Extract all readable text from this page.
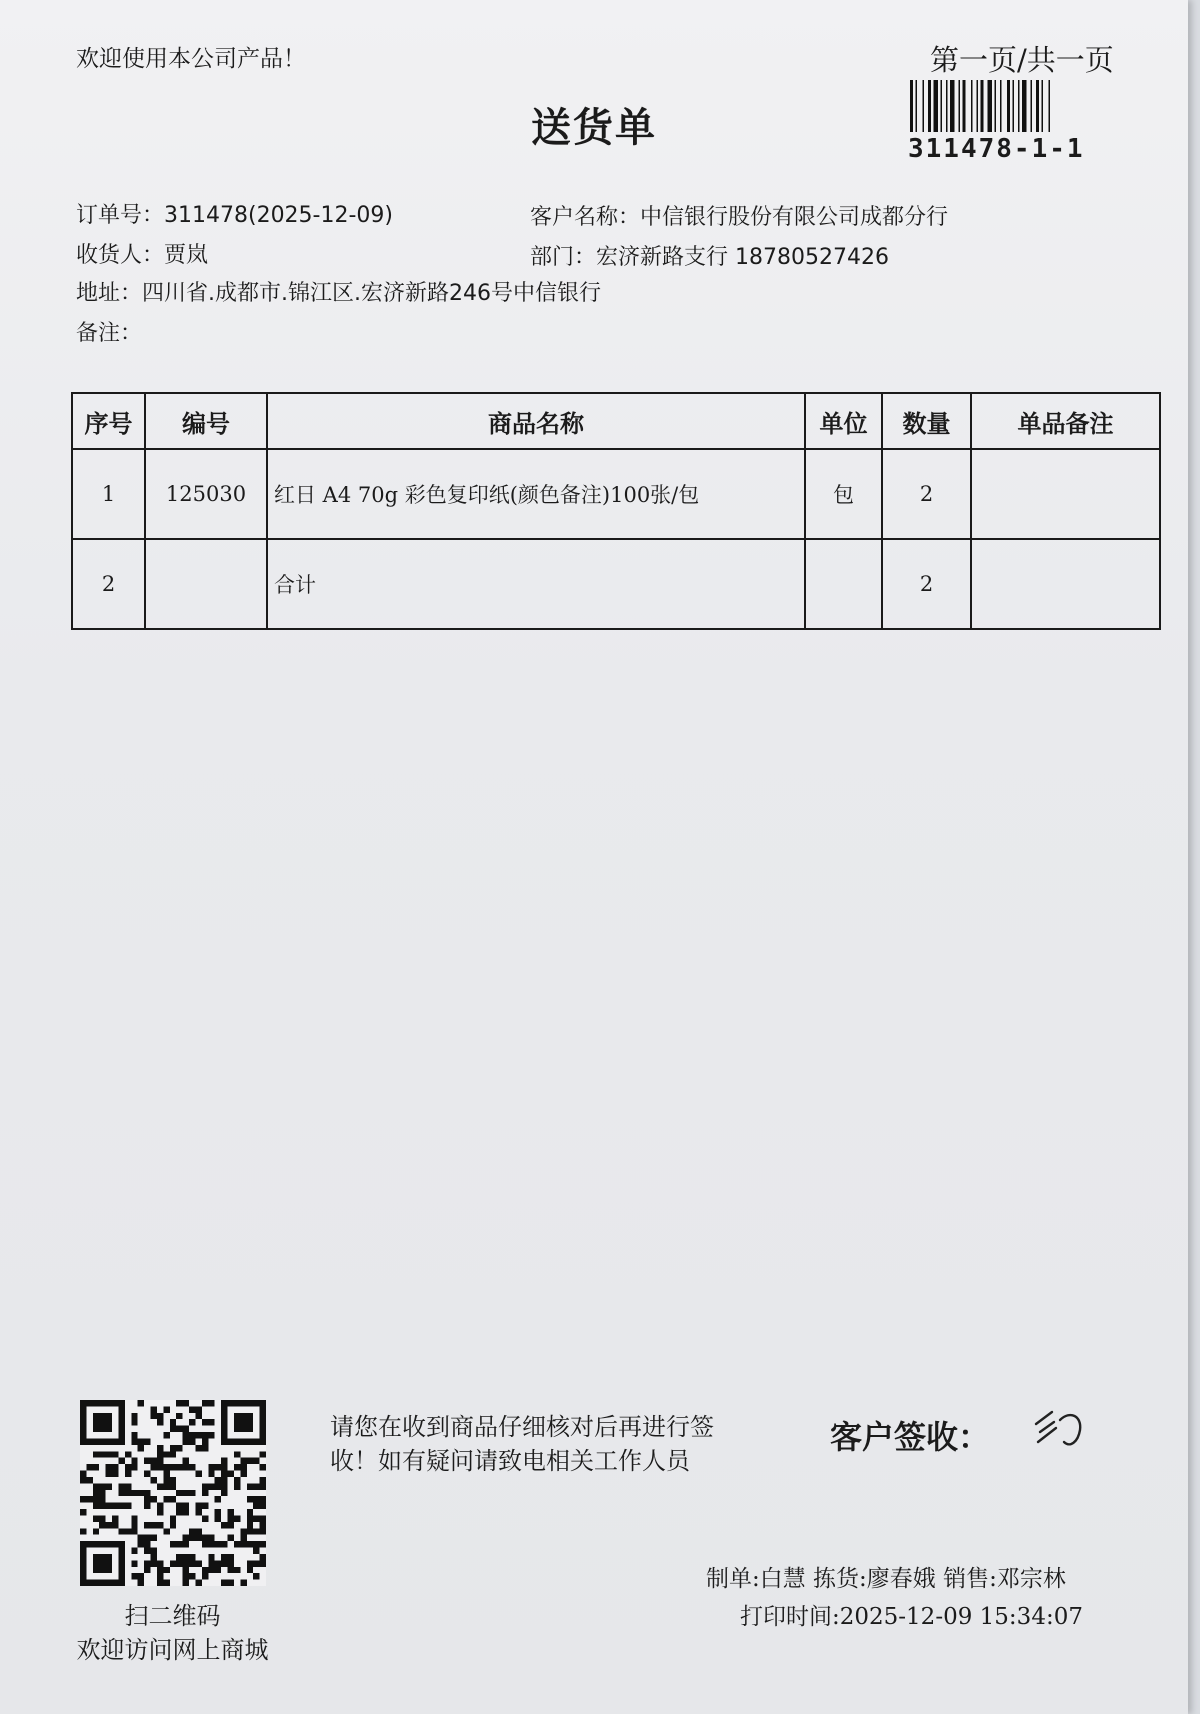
欢迎使用本公司产品！	第一页/共一页
送货单	311478-1-1
订单号：311478(2025-12-09)	客户名称：中信银行股份有限公司成都分行
收货人：贾岚	部门：宏济新路支行 18780527426
地址：四川省.成都市.锦江区.宏济新路246号中信银行
备注：
序号	编号	商品名称	单位	数量	单品备注
1	125030	红日 A4 70g 彩色复印纸(颜色备注)100张/包	包	2	
2		合计		2	
扫二维码
欢迎访问网上商城
请您在收到商品仔细核对后再进行签收！如有疑问请致电相关工作人员
客户签收：
制单:白慧 拣货:廖春娥 销售:邓宗林
打印时间:2025-12-09 15:34:07
